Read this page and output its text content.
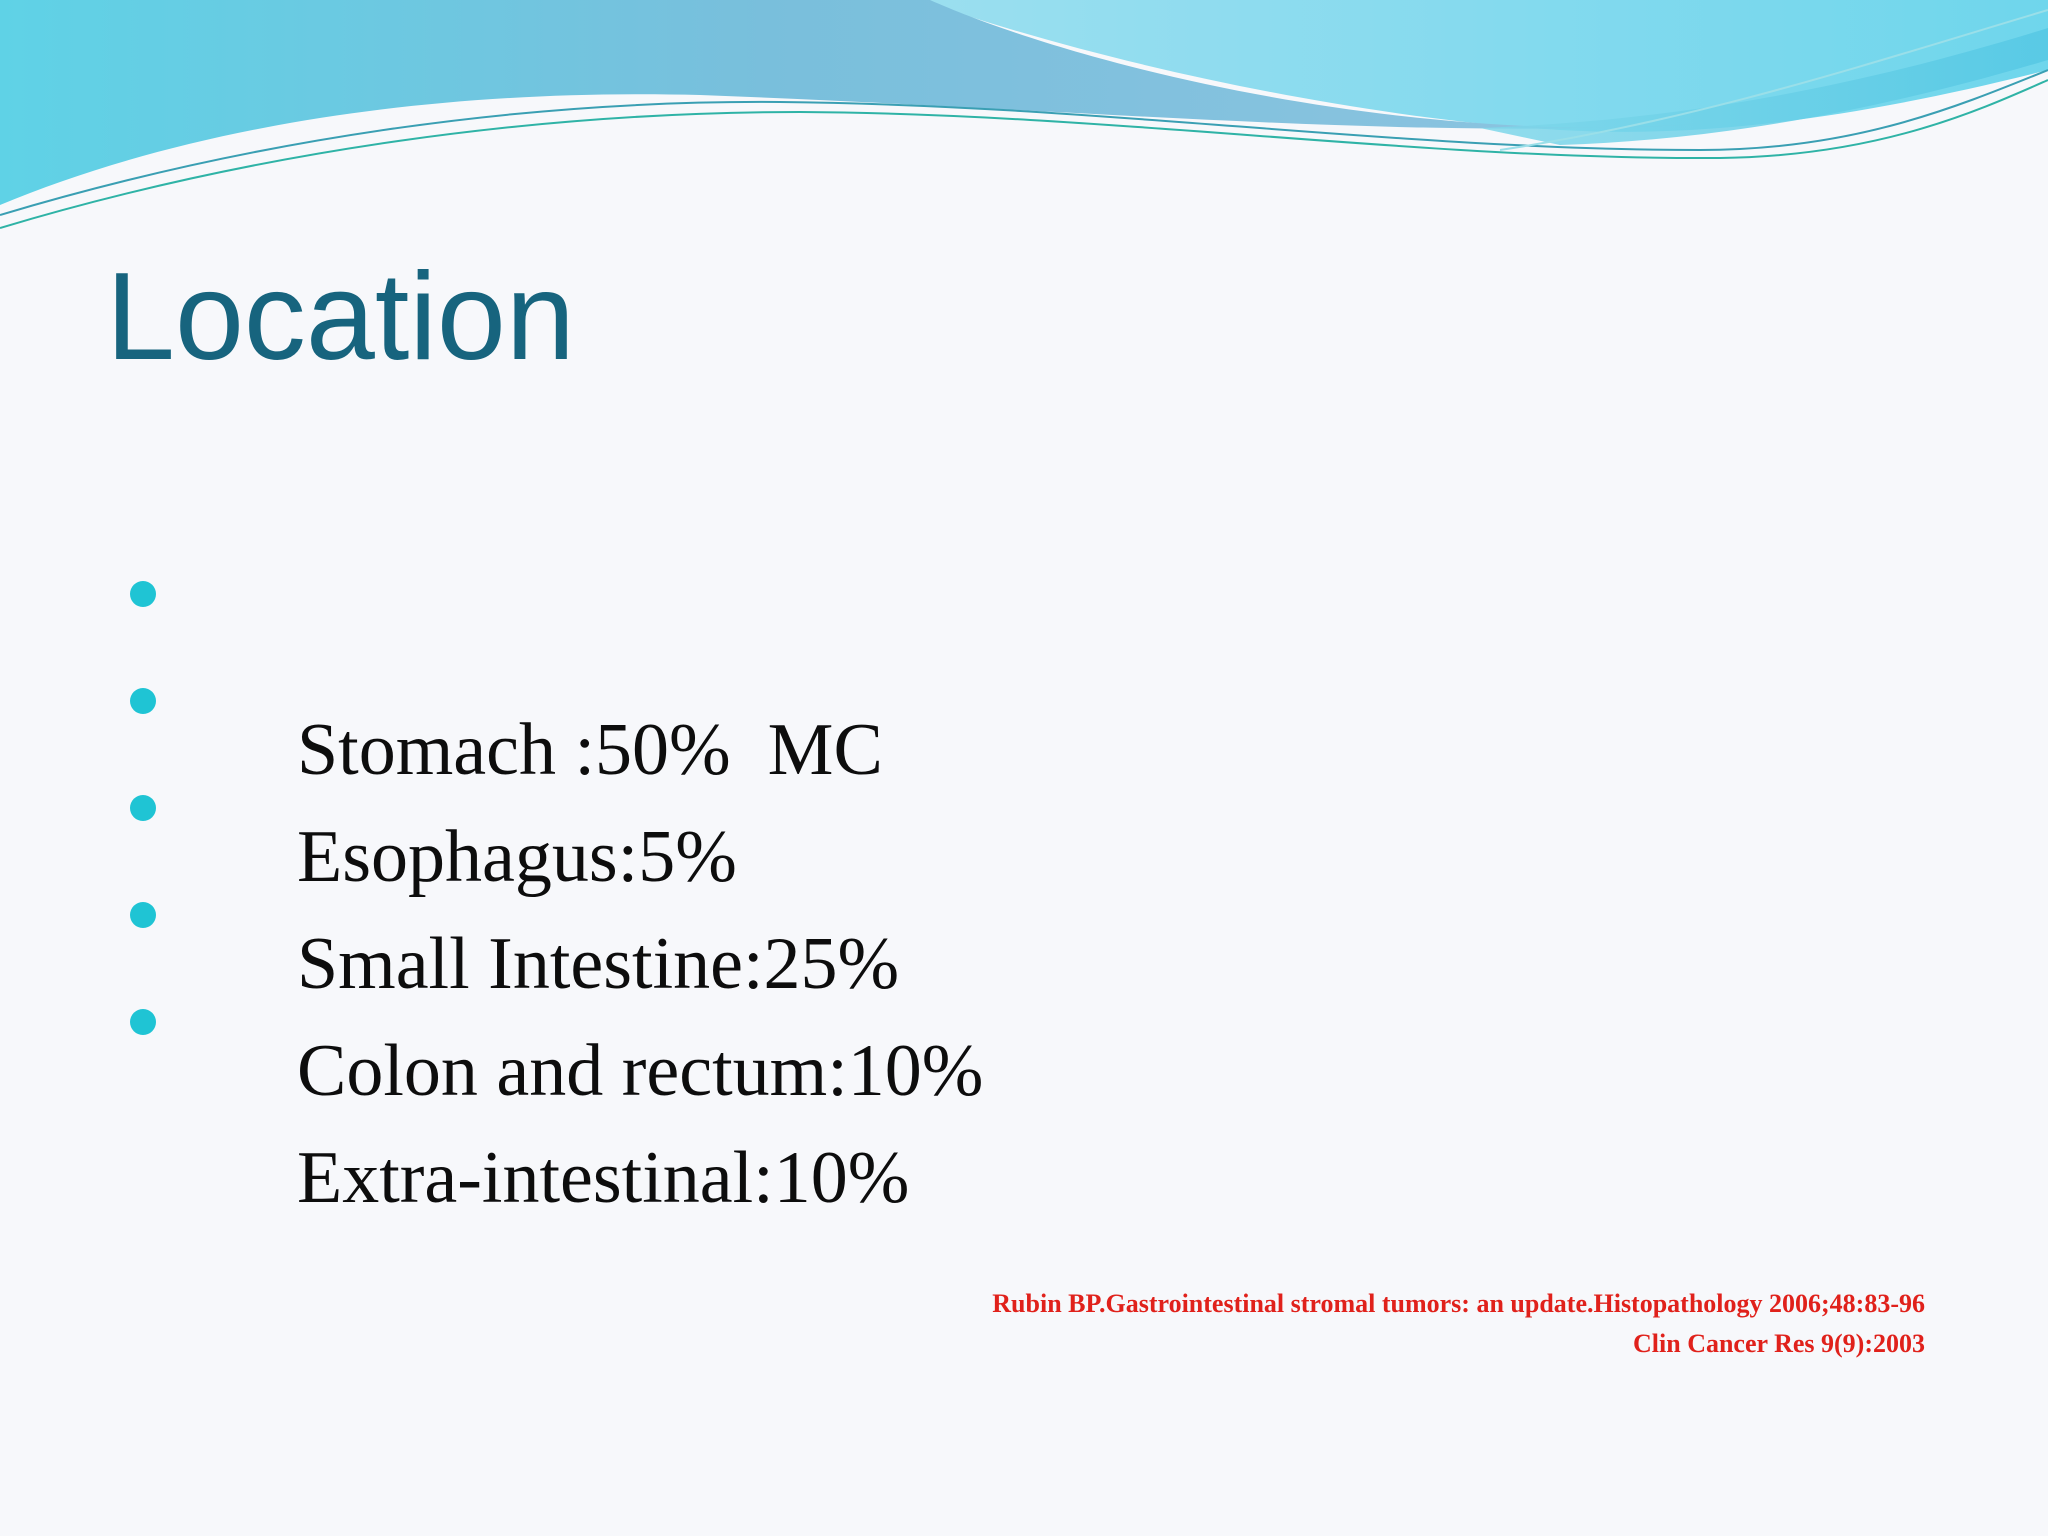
Location

Stomach :50%  MC

Esophagus:5%

Small Intestine:25%

Colon and rectum:10%

Extra-intestinal:10%

Rubin BP.Gastrointestinal stromal tumors: an update.Histopathology 2006;48:83-96
Clin Cancer Res 9(9):2003
